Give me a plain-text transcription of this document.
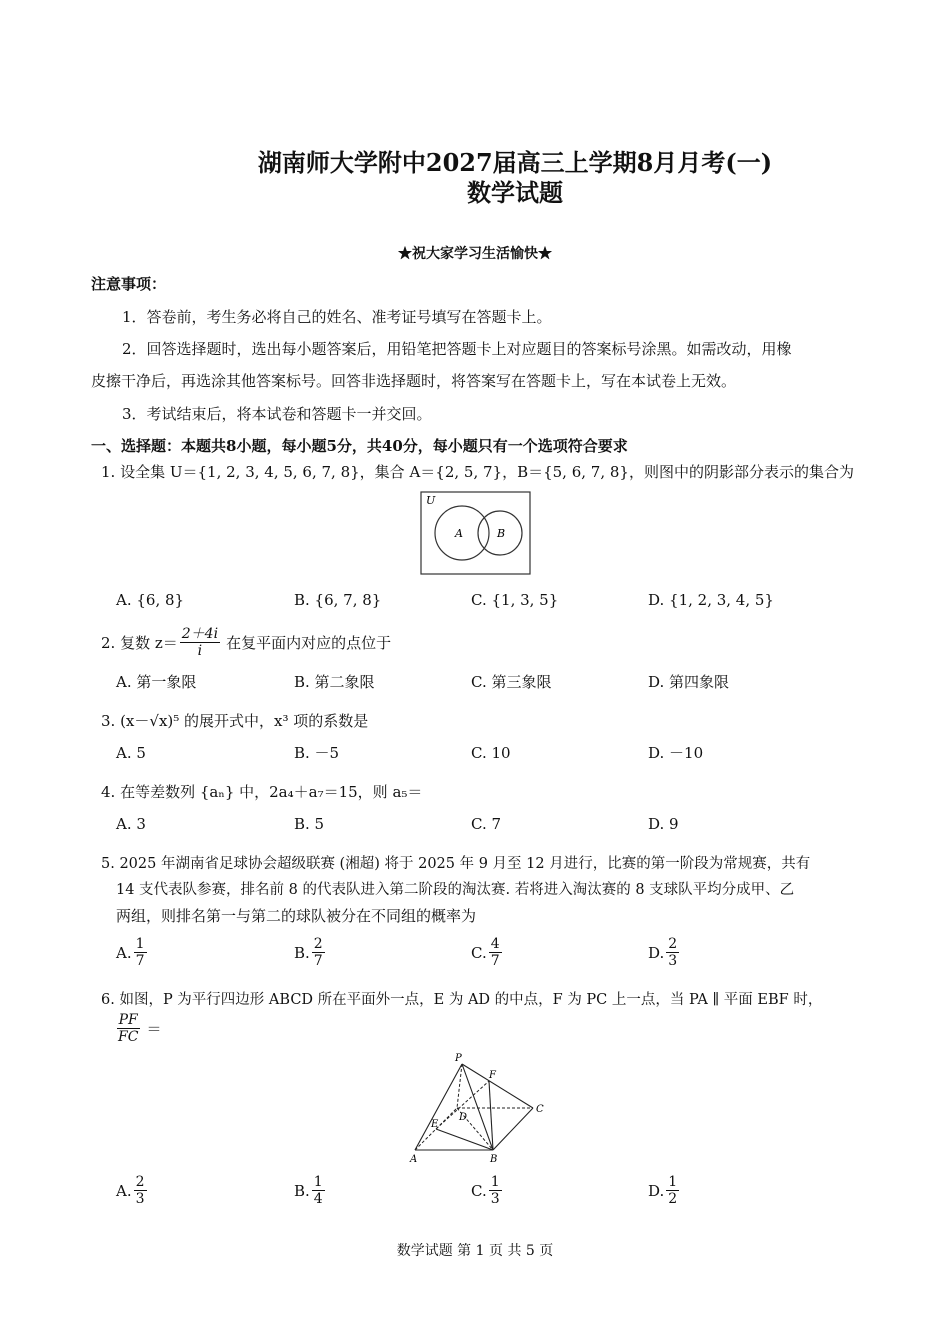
湖南师大学附中2027届高三上学期8月月考(一)
数学试题
★祝大家学习生活愉快★
注意事项：
1．答卷前，考生务必将自己的姓名、准考证号填写在答题卡上。
2．回答选择题时，选出每小题答案后，用铅笔把答题卡上对应题目的答案标号涂黑。如需改动，用橡
皮擦干净后，再选涂其他答案标号。回答非选择题时，将答案写在答题卡上，写在本试卷上无效。
3．考试结束后，将本试卷和答题卡一并交回。
一、选择题：本题共8小题，每小题5分，共40分，每小题只有一个选项符合要求
1. 设全集 U＝{1, 2, 3, 4, 5, 6, 7, 8}，集合 A＝{2, 5, 7}，B＝{5, 6, 7, 8}，则图中的阴影部分表示的集合为
U
A	B
A. {6, 8}	B. {6, 7, 8}	C. {1, 3, 5}	D. {1, 2, 3, 4, 5}
2. 复数 $z= \frac{2+4i}{i}$ 在复平面内对应的点位于
A. 第一象限	B. 第二象限	C. 第三象限	D. 第四象限
3. (x－√x)⁵ 的展开式中，x³ 项的系数是
A. 5	B. －5	C. 10	D. －10
4. 在等差数列 {aₙ} 中，2a₄＋a₇＝15，则 a₅＝
A. 3	B. 5	C. 7	D. 9
5. 2025 年湖南省足球协会超级联赛 (湘超) 将于 2025 年 9 月至 12 月进行，比赛的第一阶段为常规赛，共有
14 支代表队参赛，排名前 8 的代表队进入第二阶段的淘汰赛. 若将进入淘汰赛的 8 支球队平均分成甲、乙
两组，则排名第一与第二的球队被分在不同组的概率为
A. $\frac{1}{7}$	B. $\frac{2}{7}$	C. $\frac{4}{7}$	D. $\frac{2}{3}$
6. 如图，P 为平行四边形 ABCD 所在平面外一点，E 为 AD 的中点，F 为 PC 上一点，当 PA ∥ 平面 EBF 时，
$\frac{PF}{FC}$ ＝
P
F
C
E
D
A	B
A. $\frac{2}{3}$	B. $\frac{1}{4}$	C. $\frac{1}{3}$	D. $\frac{1}{2}$
数学试题 第 1 页 共 5 页
